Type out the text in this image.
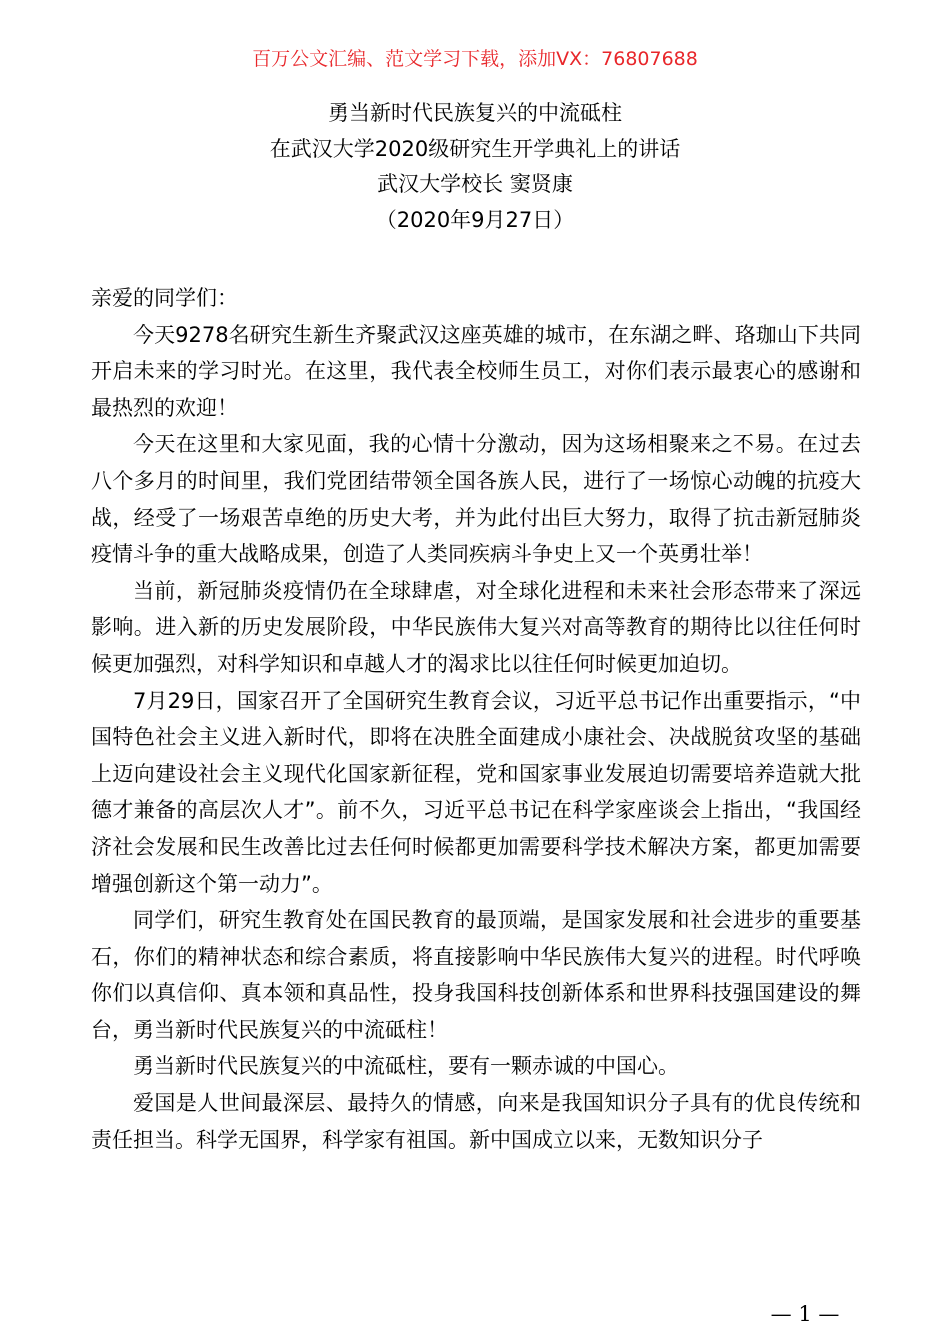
百万公文汇编、范文学习下载，添加VX：76807688
勇当新时代民族复兴的中流砥柱
在武汉大学2020级研究生开学典礼上的讲话
武汉大学校长 窦贤康
（2020年9月27日）

亲爱的同学们：

今天9278名研究生新生齐聚武汉这座英雄的城市，在东湖之畔、珞珈山下共同开启未来的学习时光。在这里，我代表全校师生员工，对你们表示最衷心的感谢和最热烈的欢迎！

今天在这里和大家见面，我的心情十分激动，因为这场相聚来之不易。在过去八个多月的时间里，我们党团结带领全国各族人民，进行了一场惊心动魄的抗疫大战，经受了一场艰苦卓绝的历史大考，并为此付出巨大努力，取得了抗击新冠肺炎疫情斗争的重大战略成果，创造了人类同疾病斗争史上又一个英勇壮举！

当前，新冠肺炎疫情仍在全球肆虐，对全球化进程和未来社会形态带来了深远影响。进入新的历史发展阶段，中华民族伟大复兴对高等教育的期待比以往任何时候更加强烈，对科学知识和卓越人才的渴求比以往任何时候更加迫切。

7月29日，国家召开了全国研究生教育会议，习近平总书记作出重要指示，“中国特色社会主义进入新时代，即将在决胜全面建成小康社会、决战脱贫攻坚的基础上迈向建设社会主义现代化国家新征程，党和国家事业发展迫切需要培养造就大批德才兼备的高层次人才”。前不久，习近平总书记在科学家座谈会上指出，“我国经济社会发展和民生改善比过去任何时候都更加需要科学技术解决方案，都更加需要增强创新这个第一动力”。

同学们，研究生教育处在国民教育的最顶端，是国家发展和社会进步的重要基石，你们的精神状态和综合素质，将直接影响中华民族伟大复兴的进程。时代呼唤你们以真信仰、真本领和真品性，投身我国科技创新体系和世界科技强国建设的舞台，勇当新时代民族复兴的中流砥柱！

勇当新时代民族复兴的中流砥柱，要有一颗赤诚的中国心。

爱国是人世间最深层、最持久的情感，向来是我国知识分子具有的优良传统和责任担当。科学无国界，科学家有祖国。新中国成立以来，无数知识分子

— 1 —
